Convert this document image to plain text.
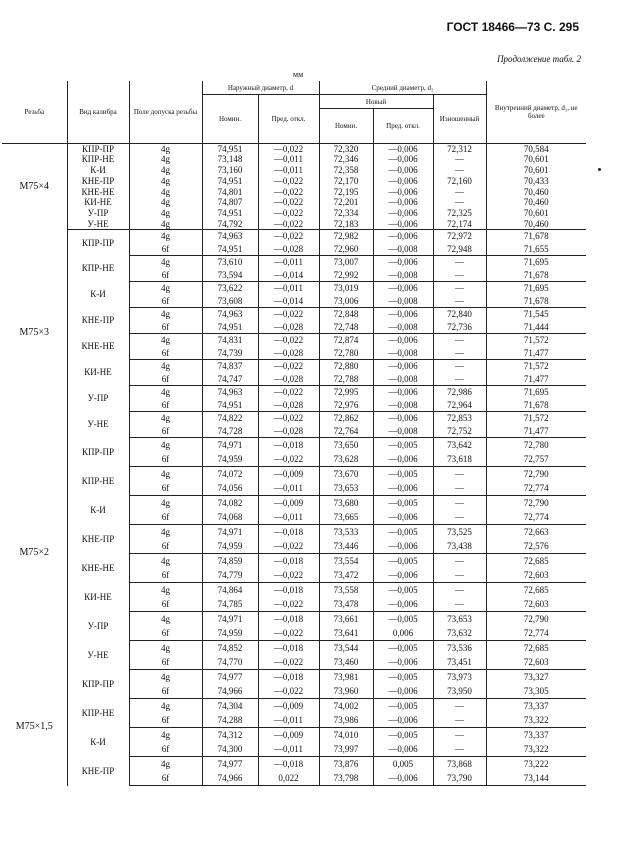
ГОСТ 18466—73 С. 295
Продолжение табл. 2
мм
Резьба	Вид калибра	Поле допуска резьбы	Наружный диаметр, d		Средний диаметр, d₂			Внутренний диаметр, d₁, не более
			Номин.	Пред. откл.	Новый		Изношенный	
					Номин.	Пред. откл.		
М75×4	КПР-ПР	4g	74,951	—0,022	72,320	—0,006	72,312	70,584
	КПР-НЕ	4g	73,148	—0,011	72,346	—0,006	—	70,601
	К-И	4g	73,160	—0,011	72,358	—0,006	—	70,601
	КНЕ-ПР	4g	74,951	—0,022	72,170	—0,006	72,160	70,433
	КНЕ-НЕ	4g	74,801	—0,022	72,195	—0,006	—	70,460
	КИ-НЕ	4g	74,807	—0,022	72,201	—0,006	—	70,460
	У-ПР	4g	74,951	—0,022	72,334	—0,006	72,325	70,601
	У-НЕ	4g	74,792	—0,022	72,183	—0,006	72,174	70,460
М75×3	КПР-ПР	4g	74,963	—0,022	72,982	—0,006	72,972	71,678
		6f	74,951	—0,028	72,960	—0,008	72,948	71,655
	КПР-НЕ	4g	73,610	—0,011	73,007	—0,006	—	71,695
		6f	73,594	—0,014	72,992	—0,008	—	71,678
	К-И	4g	73,622	—0,011	73,019	—0,006	—	71,695
		6f	73,608	—0,014	73,006	—0,008	—	71,678
	КНЕ-ПР	4g	74,963	—0,022	72,848	—0,006	72,840	71,545
		6f	74,951	—0,028	72,748	—0,008	72,736	71,444
	КНЕ-НЕ	4g	74,831	—0,022	72,874	—0,006	—	71,572
		6f	74,739	—0,028	72,780	—0,008	—	71,477
	КИ-НЕ	4g	74,837	—0,022	72,880	—0,006	—	71,572
		6f	74,747	—0,028	72,788	—0,008	—	71,477
	У-ПР	4g	74,963	—0,022	72,995	—0,006	72,986	71,695
		6f	74,951	—0,028	72,976	—0,008	72,964	71,678
	У-НЕ	4g	74,822	—0,022	72,862	—0,006	72,853	71,572
		6f	74,728	—0,028	72,764	—0,008	72,752	71,477
М75×2	КПР-ПР	4g	74,971	—0,018	73,650	—0,005	73,642	72,780
		6f	74,959	—0,022	73,628	—0,006	73,618	72,757
	КПР-НЕ	4g	74,072	—0,009	73,670	—0,005	—	72,790
		6f	74,056	—0,011	73,653	—0,006	—	72,774
	К-И	4g	74,082	—0,009	73,680	—0,005	—	72,790
		6f	74,068	—0,011	73,665	—0,006	—	72,774
	КНЕ-ПР	4g	74,971	—0,018	73,533	—0,005	73,525	72,663
		6f	74,959	—0,022	73,446	—0,006	73,438	72,576
	КНЕ-НЕ	4g	74,859	—0,018	73,554	—0,005	—	72,685
		6f	74,779	—0,022	73,472	—0,006	—	72,603
	КИ-НЕ	4g	74,864	—0,018	73,558	—0,005	—	72,685
		6f	74,785	—0,022	73,478	—0,006	—	72,603
	У-ПР	4g	74,971	—0,018	73,661	—0,005	73,653	72,790
		6f	74,959	—0,022	73,641	0,006	73,632	72,774
	У-НЕ	4g	74,852	—0,018	73,544	—0,005	73,536	72,685
		6f	74,770	—0,022	73,460	—0,006	73,451	72,603
М75×1,5	КПР-ПР	4g	74,977	—0,018	73,981	—0,005	73,973	73,327
		6f	74,966	—0,022	73,960	—0,006	73,950	73,305
	КПР-НЕ	4g	74,304	—0,009	74,002	—0,005	—	73,337
		6f	74,288	—0,011	73,986	—0,006	—	73,322
	К-И	4g	74,312	—0,009	74,010	—0,005	—	73,337
		6f	74,300	—0,011	73,997	—0,006	—	73,322
	КНЕ-ПР	4g	74,977	—0,018	73,876	0,005	73,868	73,222
		6f	74,966	0,022	73,798	—0,006	73,790	73,144
